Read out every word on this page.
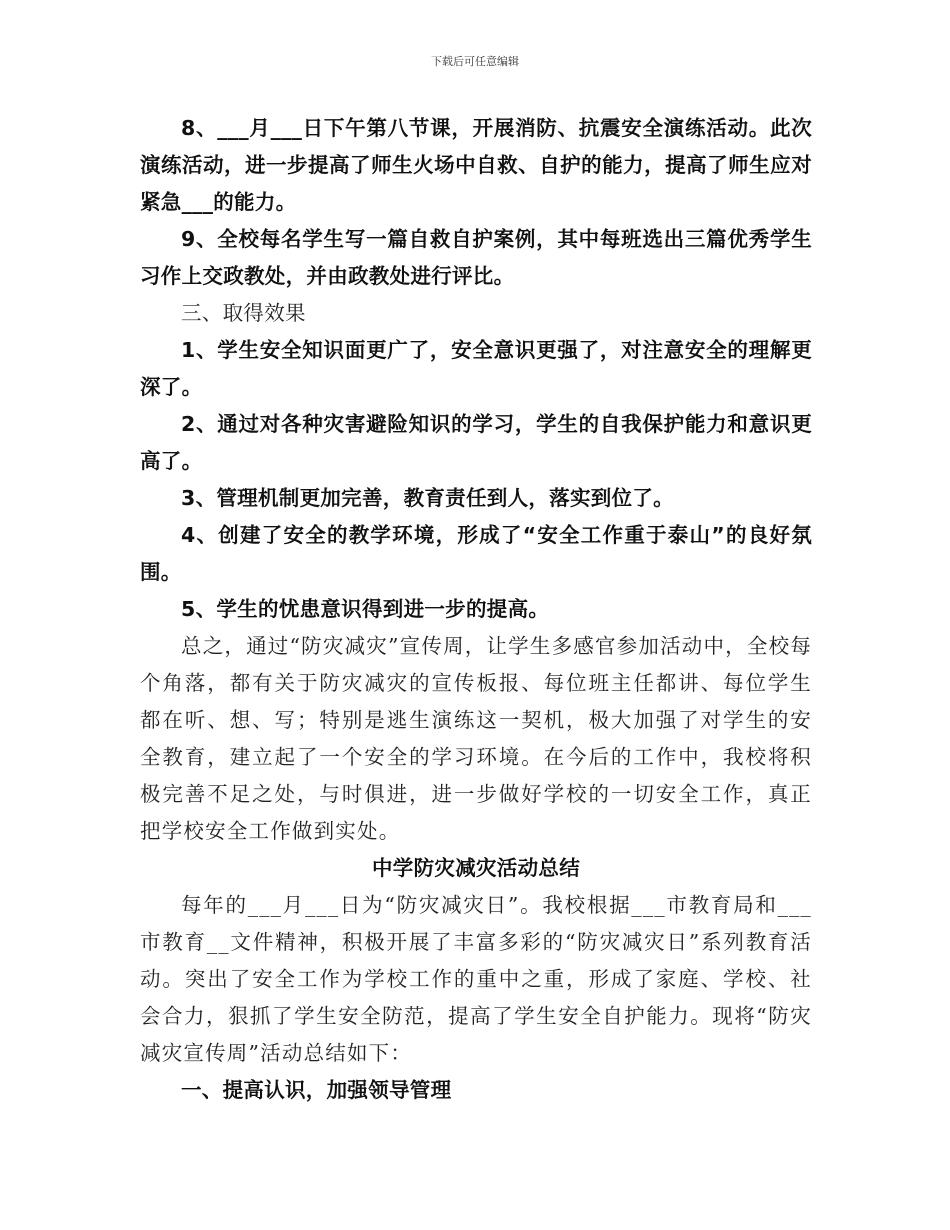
下载后可任意编辑

8、___月___日下午第八节课，开展消防、抗震安全演练活动。此次演练活动，进一步提高了师生火场中自救、自护的能力，提高了师生应对紧急___的能力。

9、全校每名学生写一篇自救自护案例，其中每班选出三篇优秀学生习作上交政教处，并由政教处进行评比。

三、取得效果

1、学生安全知识面更广了，安全意识更强了，对注意安全的理解更深了。

2、通过对各种灾害避险知识的学习，学生的自我保护能力和意识更高了。

3、管理机制更加完善，教育责任到人，落实到位了。

4、创建了安全的教学环境，形成了“安全工作重于泰山”的良好氛围。

5、学生的忧患意识得到进一步的提高。

总之，通过“防灾减灾”宣传周，让学生多感官参加活动中，全校每个角落，都有关于防灾减灾的宣传板报、每位班主任都讲、每位学生都在听、想、写；特别是逃生演练这一契机，极大加强了对学生的安全教育，建立起了一个安全的学习环境。在今后的工作中，我校将积极完善不足之处，与时俱进，进一步做好学校的一切安全工作，真正把学校安全工作做到实处。

中学防灾减灾活动总结

每年的___月___日为“防灾减灾日”。我校根据___市教育局和___市教育__文件精神，积极开展了丰富多彩的“防灾减灾日”系列教育活动。突出了安全工作为学校工作的重中之重，形成了家庭、学校、社会合力，狠抓了学生安全防范，提高了学生安全自护能力。现将“防灾减灾宣传周”活动总结如下：

一、提高认识，加强领导管理
